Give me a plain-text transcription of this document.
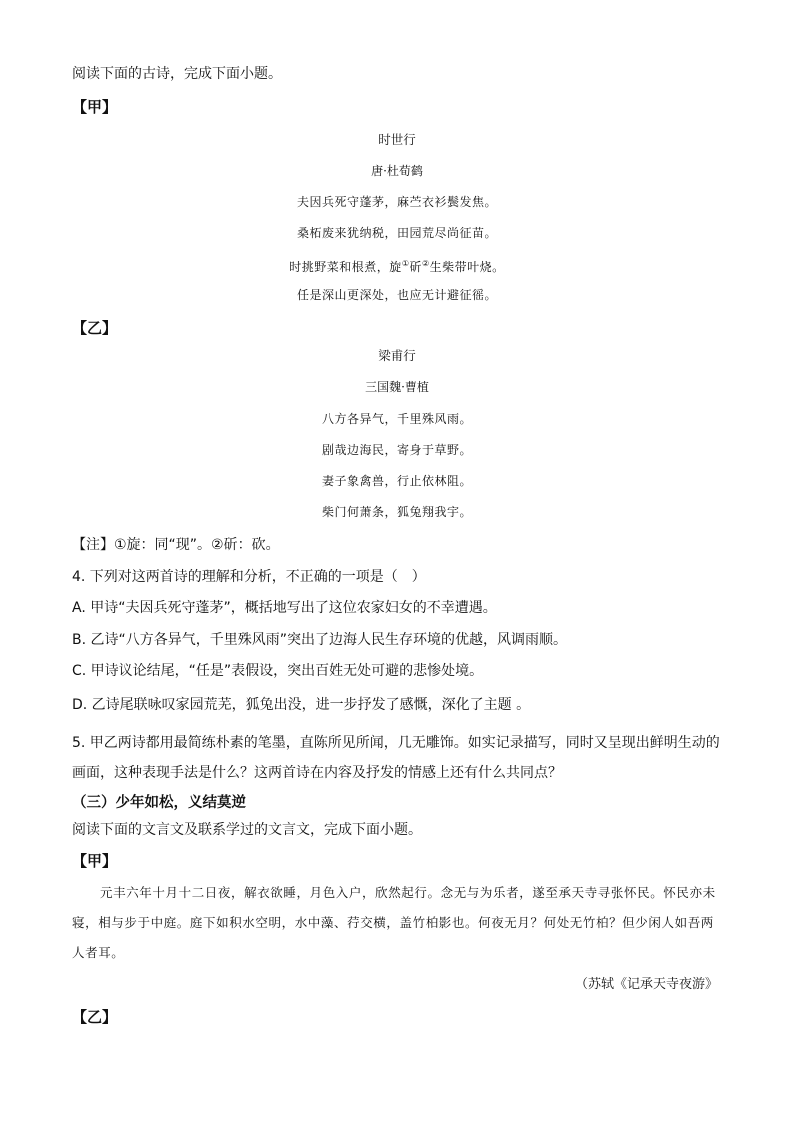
阅读下面的古诗，完成下面小题。
【甲】
时世行
唐·杜荀鹤
夫因兵死守蓬茅，麻苎衣衫鬓发焦。
桑柘废来犹纳税，田园荒尽尚征苗。
时挑野菜和根煮，旋①斫②生柴带叶烧。
任是深山更深处，也应无计避征徭。
【乙】
梁甫行
三国魏·曹植
八方各异气，千里殊风雨。
剧哉边海民，寄身于草野。
妻子象禽兽，行止依林阻。
柴门何萧条，狐兔翔我宇。
【注】①旋：同“现”。②斫：砍。
4. 下列对这两首诗的理解和分析，不正确的一项是（　）
A. 甲诗“夫因兵死守蓬茅”，概括地写出了这位农家妇女的不幸遭遇。
B. 乙诗“八方各异气，千里殊风雨”突出了边海人民生存环境的优越，风调雨顺。
C. 甲诗议论结尾，“任是”表假设，突出百姓无处可避的悲惨处境。
D. 乙诗尾联咏叹家园荒芜，狐兔出没，进一步抒发了感慨，深化了主题 。
5. 甲乙两诗都用最简练朴素的笔墨，直陈所见所闻，几无雕饰。如实记录描写，同时又呈现出鲜明生动的画面，这种表现手法是什么？这两首诗在内容及抒发的情感上还有什么共同点？
（三）少年如松，义结莫逆
阅读下面的文言文及联系学过的文言文，完成下面小题。
【甲】
元丰六年十月十二日夜，解衣欲睡，月色入户，欣然起行。念无与为乐者，遂至承天寺寻张怀民。怀民亦未寝，相与步于中庭。庭下如积水空明，水中藻、荇交横，盖竹柏影也。何夜无月？何处无竹柏？但少闲人如吾两人者耳。
（苏轼《记承天寺夜游》
【乙】
